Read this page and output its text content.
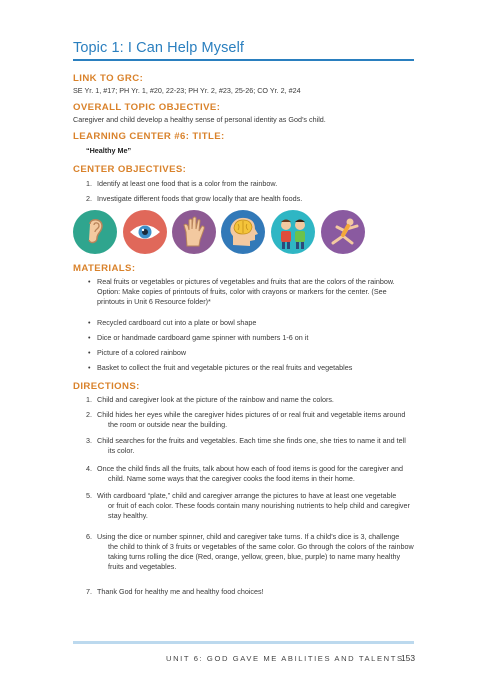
Topic 1: I Can Help Myself
LINK TO GRC:
SE Yr. 1, #17; PH Yr. 1, #20, 22-23; PH Yr. 2, #23, 25-26; CO Yr. 2, #24
OVERALL TOPIC OBJECTIVE:
Caregiver and child develop a healthy sense of personal identity as God’s child.
LEARNING CENTER #6: TITLE:
“Healthy Me”
CENTER OBJECTIVES:
1. Identify at least one food that is a color from the rainbow.
2. Investigate different foods that grow locally that are health foods.
MATERIALS:
• Real fruits or vegetables or pictures of vegetables and fruits that are the colors of the rainbow.
Option: Make copies of printouts of fruits, color with crayons or markers for the center. (See
printouts in Unit 6 Resource folder)*
• Recycled cardboard cut into a plate or bowl shape
• Dice or handmade cardboard game spinner with numbers 1-6 on it
• Picture of a colored rainbow
• Basket to collect the fruit and vegetable pictures or the real fruits and vegetables
DIRECTIONS:
1. Child and caregiver look at the picture of the rainbow and name the colors.
2. Child hides her eyes while the caregiver hides pictures of or real fruit and vegetable items around
the room or outside near the building.
3. Child searches for the fruits and vegetables. Each time she finds one, she tries to name it and tell
its color.
4. Once the child finds all the fruits, talk about how each of food items is good for the caregiver and
child. Name some ways that the caregiver cooks the food items in their home.
5. With cardboard “plate,” child and caregiver arrange the pictures to have at least one vegetable
or fruit of each color. These foods contain many nourishing nutrients to help child and caregiver
stay healthy.
6. Using the dice or number spinner, child and caregiver take turns. If a child’s dice is 3, challenge
the child to think of 3 fruits or vegetables of the same color. Go through the colors of the rainbow
taking turns rolling the dice (Red, orange, yellow, green, blue, purple) to name many healthy
fruits and vegetables.
7. Thank God for healthy me and healthy food choices!
UNIT 6: GOD GAVE ME ABILITIES AND TALENTS
153
